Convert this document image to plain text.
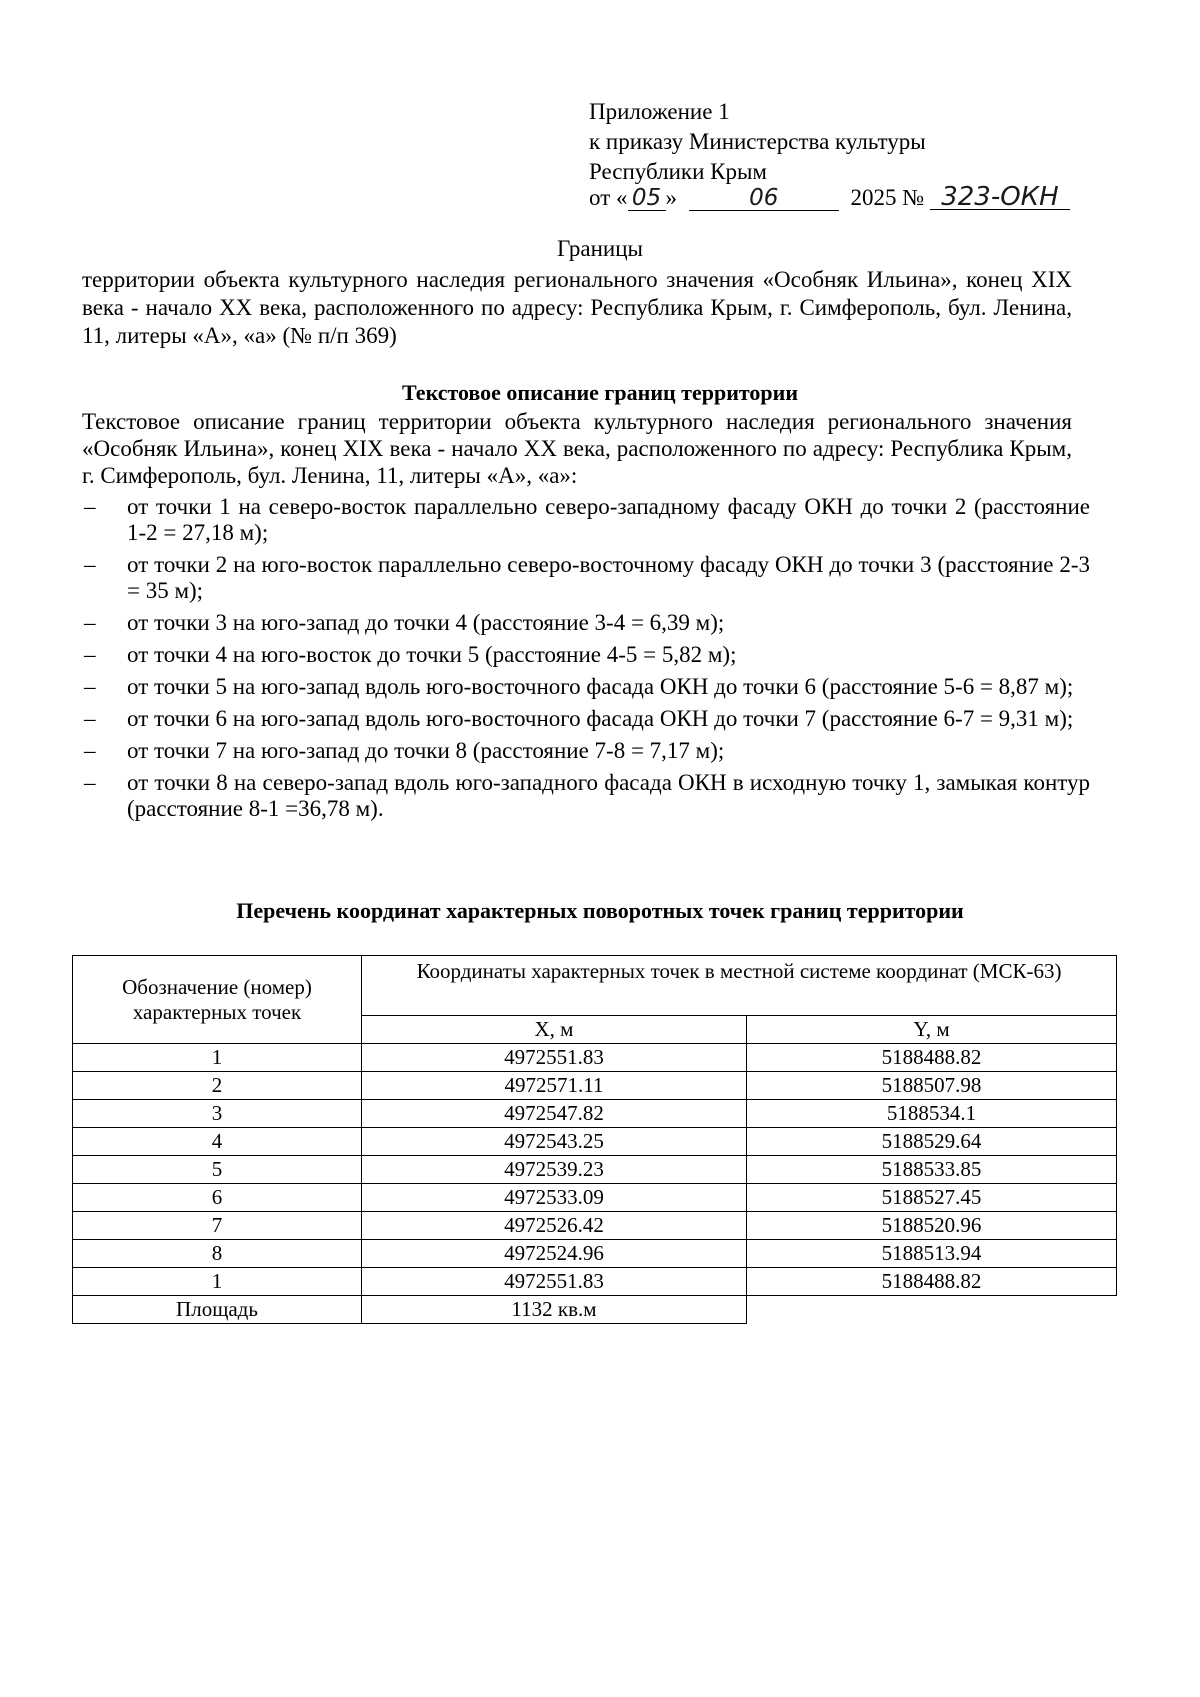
Приложение 1
к приказу Министерства культуры
Республики Крым
от « 05 »	06	2025 № 323-ОКН
Границы
территории объекта культурного наследия регионального значения «Особняк Ильина», конец XIX века - начало XX века, расположенного по адресу: Республика Крым, г. Симферополь, бул. Ленина, 11, литеры «А», «а» (№ п/п 369)
Текстовое описание границ территории
Текстовое описание границ территории объекта культурного наследия регионального значения «Особняк Ильина», конец XIX века - начало XX века, расположенного по адресу: Республика Крым, г. Симферополь, бул. Ленина, 11, литеры «А», «а»:
– от точки 1 на северо-восток параллельно северо-западному фасаду ОКН до точки 2 (расстояние 1-2 = 27,18 м);
– от точки 2 на юго-восток параллельно северо-восточному фасаду ОКН до точки 3 (расстояние 2-3 = 35 м);
– от точки 3 на юго-запад до точки 4 (расстояние 3-4 = 6,39 м);
– от точки 4 на юго-восток до точки 5 (расстояние 4-5 = 5,82 м);
– от точки 5 на юго-запад вдоль юго-восточного фасада ОКН до точки 6 (расстояние 5-6 = 8,87 м);
– от точки 6 на юго-запад вдоль юго-восточного фасада ОКН до точки 7 (расстояние 6-7 = 9,31 м);
– от точки 7 на юго-запад до точки 8 (расстояние 7-8 = 7,17 м);
– от точки 8 на северо-запад вдоль юго-западного фасада ОКН в исходную точку 1, замыкая контур (расстояние 8-1 =36,78 м).
Перечень координат характерных поворотных точек границ территории
Обозначение (номер) характерных точек	Координаты характерных точек в местной системе координат (МСК-63)	
	X, м	Y, м
1	4972551.83	5188488.82
2	4972571.11	5188507.98
3	4972547.82	5188534.1
4	4972543.25	5188529.64
5	4972539.23	5188533.85
6	4972533.09	5188527.45
7	4972526.42	5188520.96
8	4972524.96	5188513.94
1	4972551.83	5188488.82
Площадь	1132 кв.м	
